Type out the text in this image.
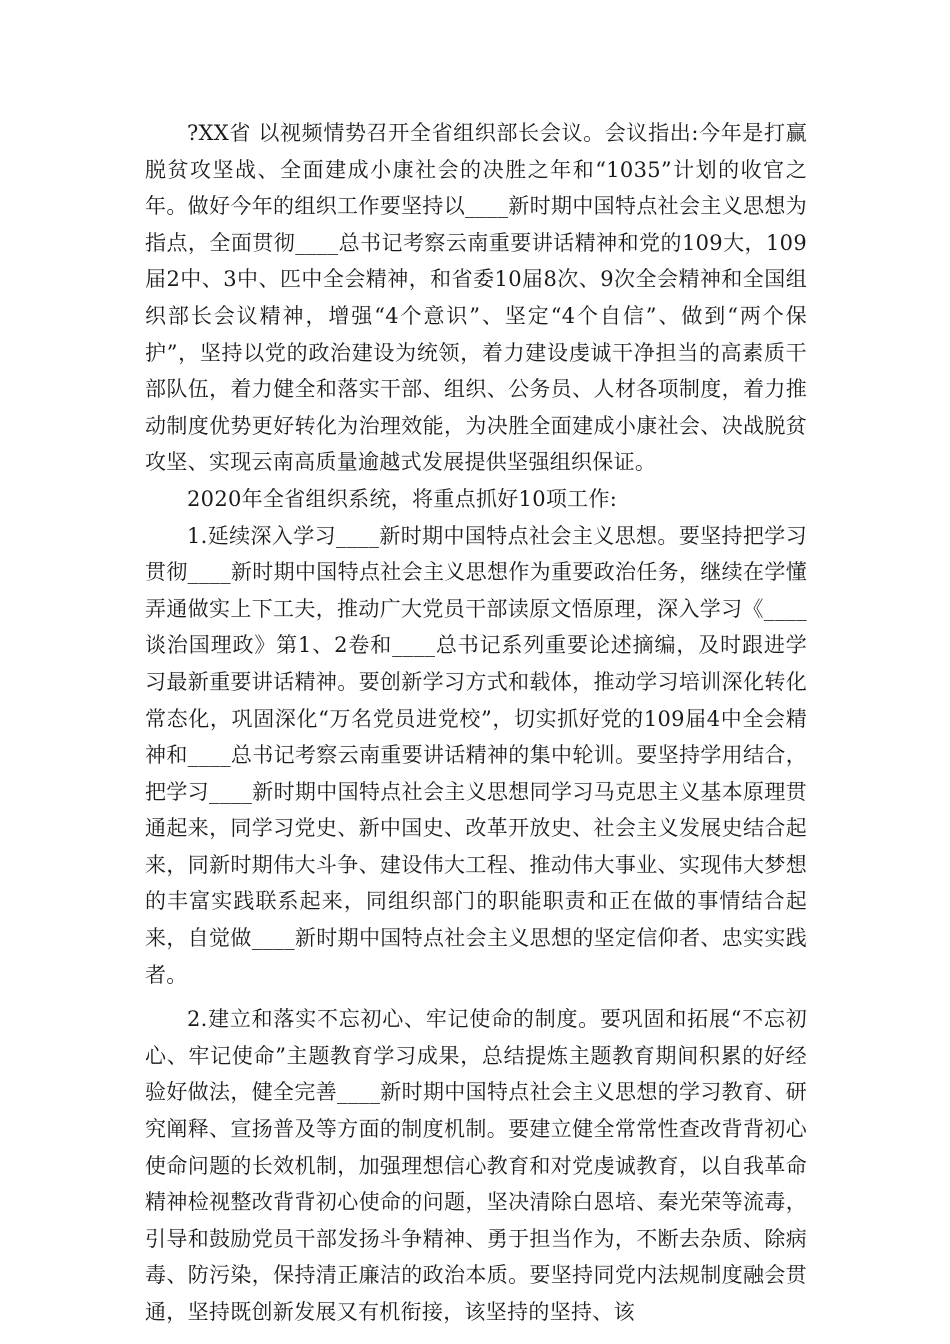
?XX省 以视频情势召开全省组织部长会议。会议指出:今年是打赢脱贫攻坚战、全面建成小康社会的决胜之年和“1035”计划的收官之年。做好今年的组织工作要坚持以____新时期中国特点社会主义思想为指点，全面贯彻____总书记考察云南重要讲话精神和党的109大，109届2中、3中、匹中全会精神，和省委10届8次、9次全会精神和全国组织部长会议精神，增强“4个意识”、坚定“4个自信”、做到“两个保护”，坚持以党的政治建设为统领，着力建设虔诚干净担当的高素质干部队伍，着力健全和落实干部、组织、公务员、人材各项制度，着力推动制度优势更好转化为治理效能，为决胜全面建成小康社会、决战脱贫攻坚、实现云南高质量逾越式发展提供坚强组织保证。

2020年全省组织系统，将重点抓好10项工作:

1.延续深入学习____新时期中国特点社会主义思想。要坚持把学习贯彻____新时期中国特点社会主义思想作为重要政治任务，继续在学懂弄通做实上下工夫，推动广大党员干部读原文悟原理，深入学习《____谈治国理政》第1、2卷和____总书记系列重要论述摘编，及时跟进学习最新重要讲话精神。要创新学习方式和载体，推动学习培训深化转化常态化，巩固深化“万名党员进党校”，切实抓好党的109届4中全会精神和____总书记考察云南重要讲话精神的集中轮训。要坚持学用结合，把学习____新时期中国特点社会主义思想同学习马克思主义基本原理贯通起来，同学习党史、新中国史、改革开放史、社会主义发展史结合起来，同新时期伟大斗争、建设伟大工程、推动伟大事业、实现伟大梦想的丰富实践联系起来，同组织部门的职能职责和正在做的事情结合起来，自觉做____新时期中国特点社会主义思想的坚定信仰者、忠实实践者。

2.建立和落实不忘初心、牢记使命的制度。要巩固和拓展“不忘初心、牢记使命”主题教育学习成果，总结提炼主题教育期间积累的好经验好做法，健全完善____新时期中国特点社会主义思想的学习教育、研究阐释、宣扬普及等方面的制度机制。要建立健全常常性查改背背初心使命问题的长效机制，加强理想信心教育和对党虔诚教育，以自我革命精神检视整改背背初心使命的问题，坚决清除白恩培、秦光荣等流毒，引导和鼓励党员干部发扬斗争精神、勇于担当作为，不断去杂质、除病毒、防污染，保持清正廉洁的政治本质。要坚持同党内法规制度融会贯通，坚持既创新发展又有机衔接，该坚持的坚持、该
